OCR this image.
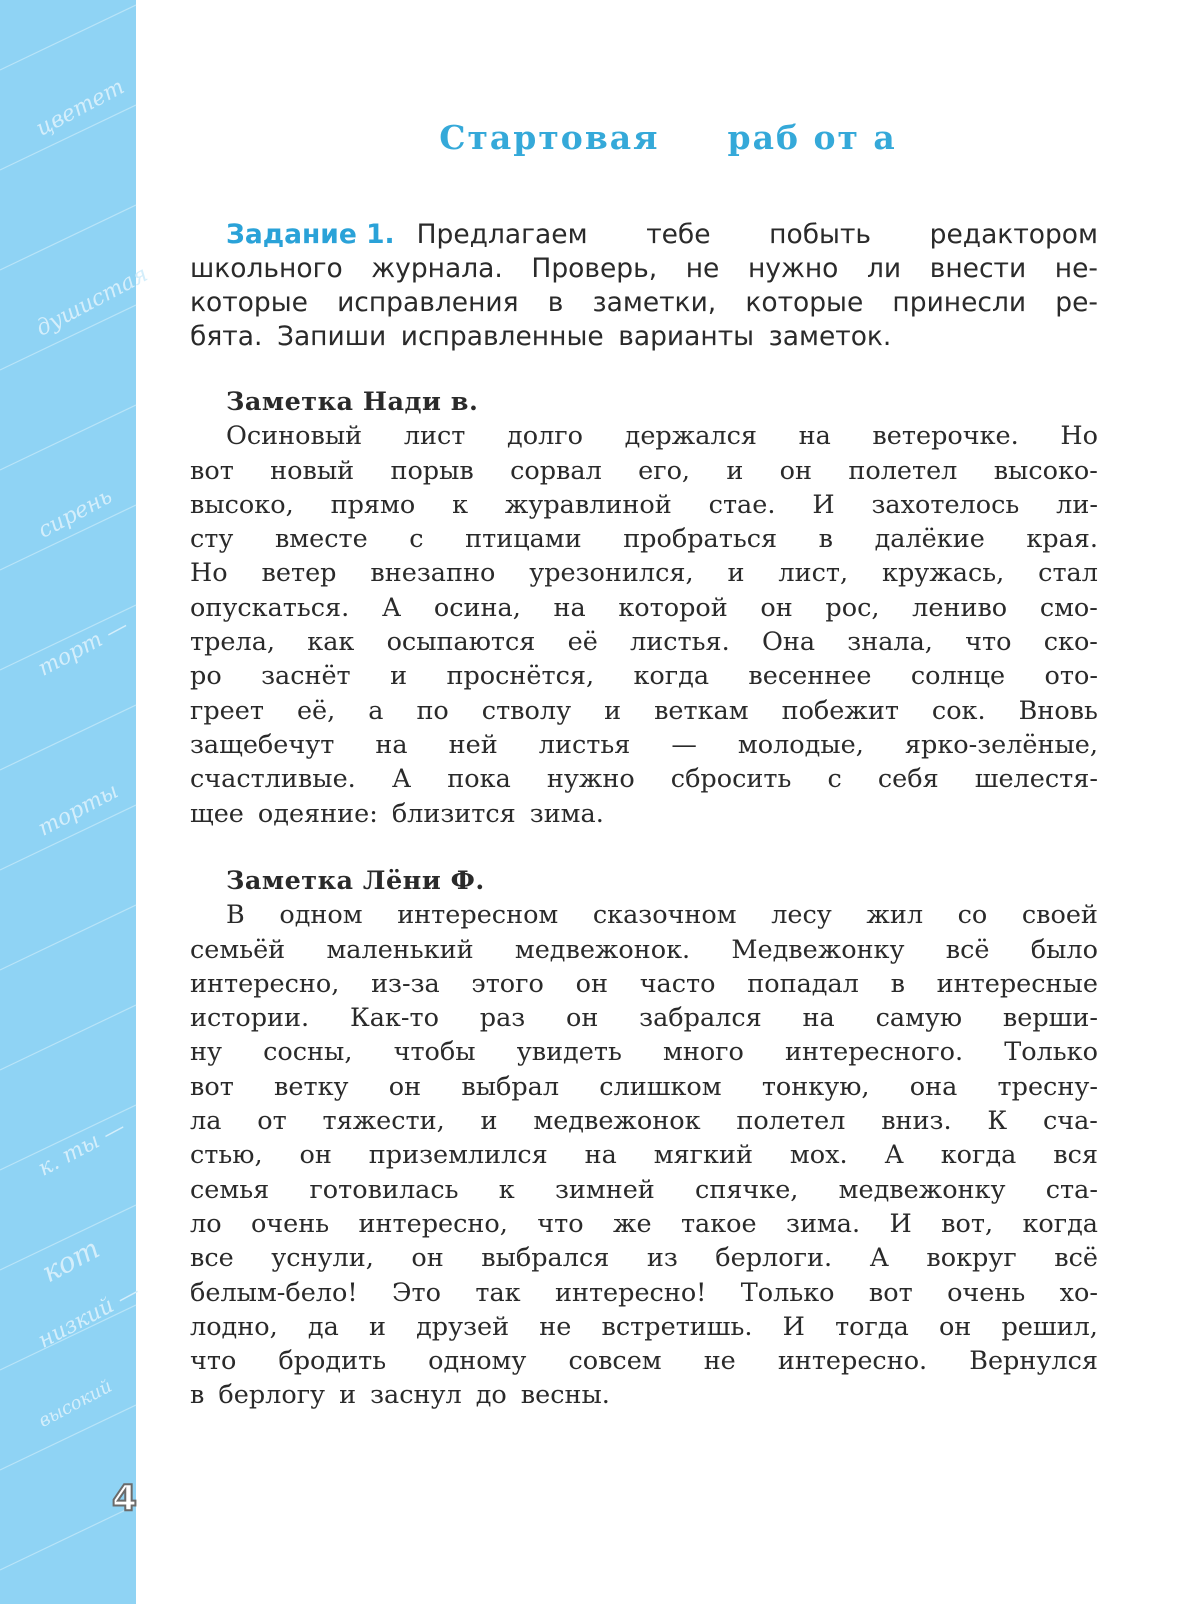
цветет
душистая
сирень
торт —
торты
к. ты —
кот
низкий —
высокий
4
Стартовая раб от а
Задание 1. Предлагаем тебе побыть редактором

школьного журнала. Проверь, не нужно ли внести не-

которые исправления в заметки, которые принесли ре-

бята. Запиши исправленные варианты заметок.

Заметка Нади в.

Осиновый лист долго держался на ветерочке. Но
вот новый порыв сорвал его, и он полетел высоко-
высоко, прямо к журавлиной стае. И захотелось ли-
сту вместе с птицами пробраться в далёкие края.
Но ветер внезапно урезонился, и лист, кружась, стал
опускаться. А осина, на которой он рос, лениво смо-
трела, как осыпаются её листья. Она знала, что ско-
ро заснёт и проснётся, когда весеннее солнце ото-
греет её, а по стволу и веткам побежит сок. Вновь
защебечут на ней листья — молодые, ярко-зелёные,
счастливые. А пока нужно сбросить с себя шелестя-
щее одеяние: близится зима.

Заметка Лёни Ф.

В одном интересном сказочном лесу жил со своей
семьёй маленький медвежонок. Медвежонку всё было
интересно, из-за этого он часто попадал в интересные
истории. Как-то раз он забрался на самую верши-
ну сосны, чтобы увидеть много интересного. Только
вот ветку он выбрал слишком тонкую, она тресну-
ла от тяжести, и медвежонок полетел вниз. К сча-
стью, он приземлился на мягкий мох. А когда вся
семья готовилась к зимней спячке, медвежонку ста-
ло очень интересно, что же такое зима. И вот, когда
все уснули, он выбрался из берлоги. А вокруг всё
белым-бело! Это так интересно! Только вот очень хо-
лодно, да и друзей не встретишь. И тогда он решил,
что бродить одному совсем не интересно. Вернулся
в берлогу и заснул до весны.
